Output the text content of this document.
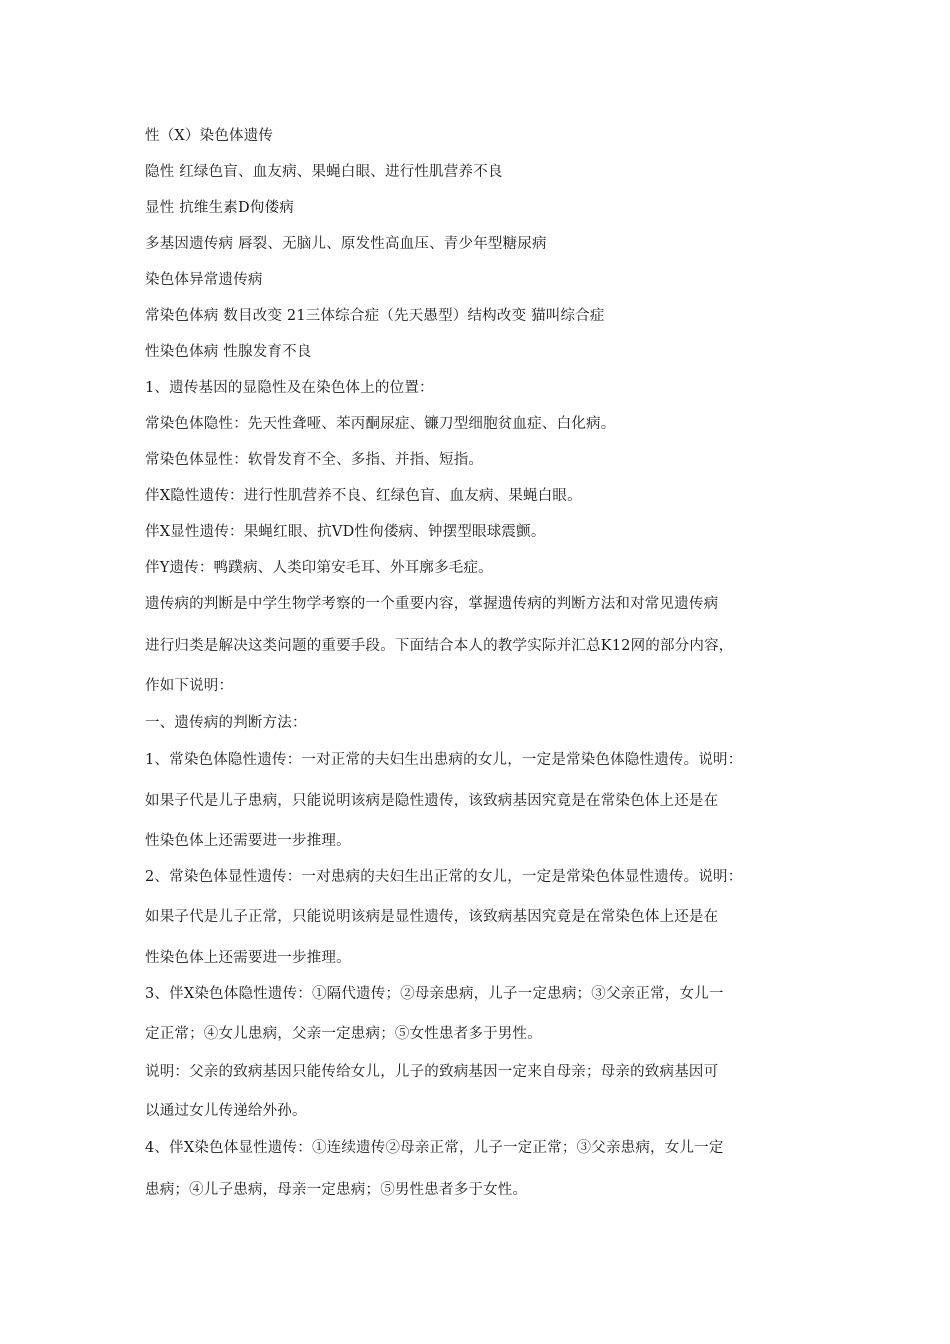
性（X）染色体遗传
隐性 红绿色盲、血友病、果蝇白眼、进行性肌营养不良
显性 抗维生素D佝偻病
多基因遗传病 唇裂、无脑儿、原发性高血压、青少年型糖尿病
染色体异常遗传病
常染色体病 数目改变 21三体综合症（先天愚型）结构改变 猫叫综合症
性染色体病 性腺发育不良
1、遗传基因的显隐性及在染色体上的位置：
常染色体隐性：先天性聋哑、苯丙酮尿症、镰刀型细胞贫血症、白化病。
常染色体显性：软骨发育不全、多指、并指、短指。
伴X隐性遗传：进行性肌营养不良、红绿色盲、血友病、果蝇白眼。
伴X显性遗传：果蝇红眼、抗VD性佝偻病、钟摆型眼球震颤。
伴Y遗传：鸭蹼病、人类印第安毛耳、外耳廓多毛症。
遗传病的判断是中学生物学考察的一个重要内容，掌握遗传病的判断方法和对常见遗传病
进行归类是解决这类问题的重要手段。下面结合本人的教学实际并汇总K12网的部分内容，
作如下说明：
一、遗传病的判断方法：
1、常染色体隐性遗传：一对正常的夫妇生出患病的女儿，一定是常染色体隐性遗传。说明：
如果子代是儿子患病，只能说明该病是隐性遗传，该致病基因究竟是在常染色体上还是在
性染色体上还需要进一步推理。
2、常染色体显性遗传：一对患病的夫妇生出正常的女儿，一定是常染色体显性遗传。说明：
如果子代是儿子正常，只能说明该病是显性遗传，该致病基因究竟是在常染色体上还是在
性染色体上还需要进一步推理。
3、伴X染色体隐性遗传：①隔代遗传；②母亲患病，儿子一定患病；③父亲正常，女儿一
定正常；④女儿患病，父亲一定患病；⑤女性患者多于男性。
说明：父亲的致病基因只能传给女儿，儿子的致病基因一定来自母亲；母亲的致病基因可
以通过女儿传递给外孙。
4、伴X染色体显性遗传：①连续遗传②母亲正常，儿子一定正常；③父亲患病，女儿一定
患病；④儿子患病，母亲一定患病；⑤男性患者多于女性。
